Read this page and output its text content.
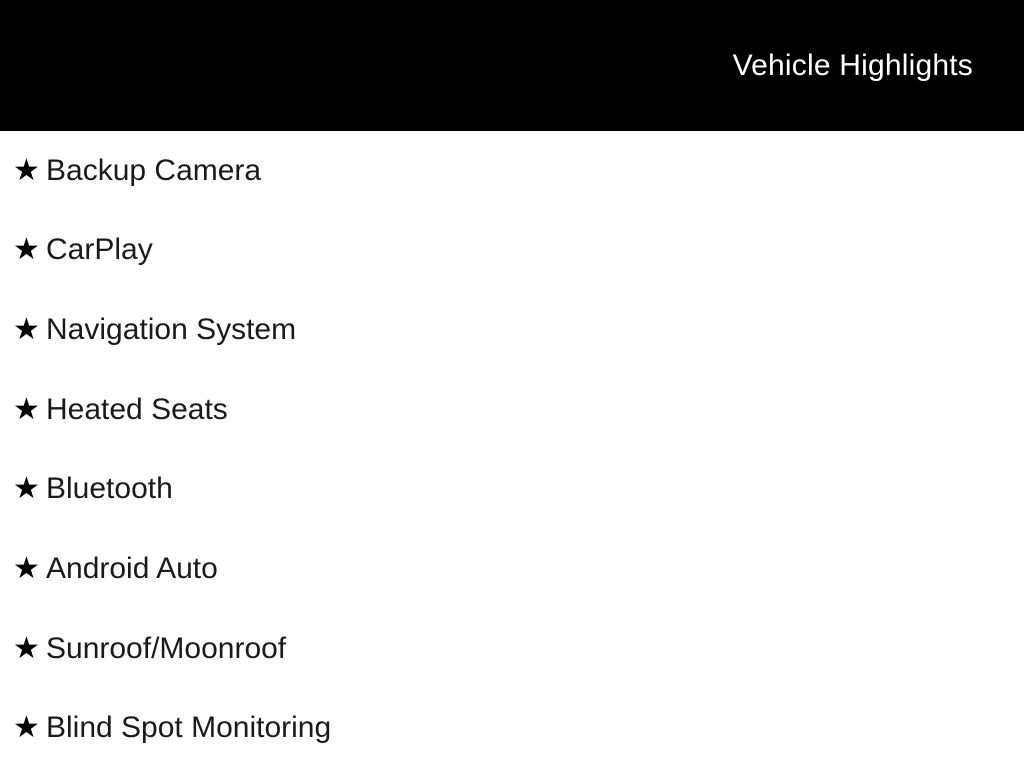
Vehicle Highlights
★ Backup Camera
★ CarPlay
★ Navigation System
★ Heated Seats
★ Bluetooth
★ Android Auto
★ Sunroof/Moonroof
★ Blind Spot Monitoring
